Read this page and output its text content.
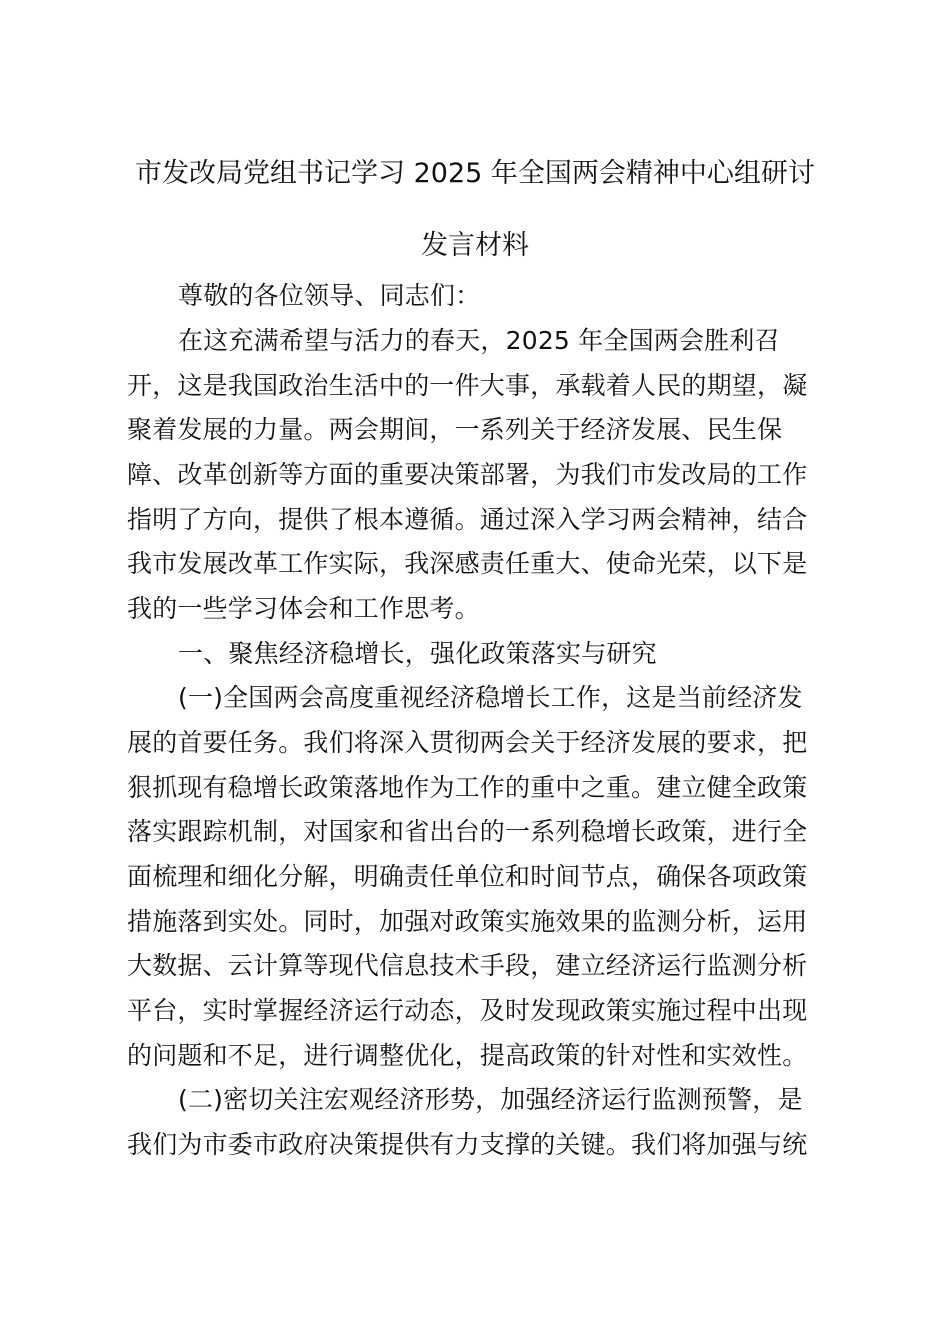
市发改局党组书记学习 2025 年全国两会精神中心组研讨
发言材料
尊敬的各位领导、同志们：
在这充满希望与活力的春天，2025 年全国两会胜利召
开，这是我国政治生活中的一件大事，承载着人民的期望，凝
聚着发展的力量。两会期间，一系列关于经济发展、民生保
障、改革创新等方面的重要决策部署，为我们市发改局的工作
指明了方向，提供了根本遵循。通过深入学习两会精神，结合
我市发展改革工作实际，我深感责任重大、使命光荣，以下是
我的一些学习体会和工作思考。
一、聚焦经济稳增长，强化政策落实与研究
(一)全国两会高度重视经济稳增长工作，这是当前经济发
展的首要任务。我们将深入贯彻两会关于经济发展的要求，把
狠抓现有稳增长政策落地作为工作的重中之重。建立健全政策
落实跟踪机制，对国家和省出台的一系列稳增长政策，进行全
面梳理和细化分解，明确责任单位和时间节点，确保各项政策
措施落到实处。同时，加强对政策实施效果的监测分析，运用
大数据、云计算等现代信息技术手段，建立经济运行监测分析
平台，实时掌握经济运行动态，及时发现政策实施过程中出现
的问题和不足，进行调整优化，提高政策的针对性和实效性。
(二)密切关注宏观经济形势，加强经济运行监测预警，是
我们为市委市政府决策提供有力支撑的关键。我们将加强与统
